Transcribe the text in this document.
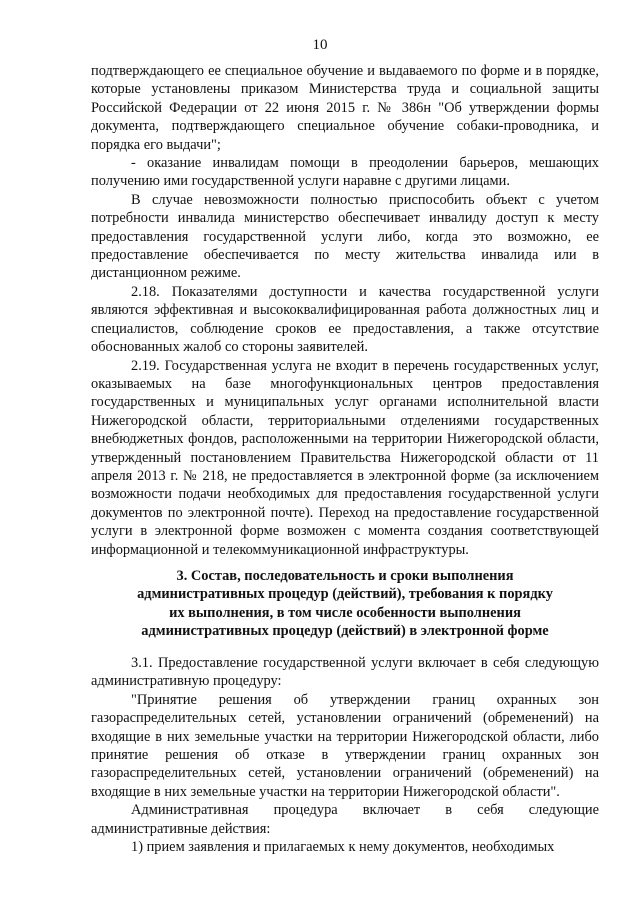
10

подтверждающего ее специальное обучение и выдаваемого по форме и в порядке, которые установлены приказом Министерства труда и социальной защиты Российской Федерации от 22 июня 2015 г. № 386н "Об утверждении формы документа, подтверждающего специальное обучение собаки-проводника, и порядка его выдачи";

- оказание инвалидам помощи в преодолении барьеров, мешающих получению ими государственной услуги наравне с другими лицами.

В случае невозможности полностью приспособить объект с учетом потребности инвалида министерство обеспечивает инвалиду доступ к месту предоставления государственной услуги либо, когда это возможно, ее предоставление обеспечивается по месту жительства инвалида или в дистанционном режиме.

2.18. Показателями доступности и качества государственной услуги являются эффективная и высококвалифицированная работа должностных лиц и специалистов, соблюдение сроков ее предоставления, а также отсутствие обоснованных жалоб со стороны заявителей.

2.19. Государственная услуга не входит в перечень государственных услуг, оказываемых на базе многофункциональных центров предоставления государственных и муниципальных услуг органами исполнительной власти Нижегородской области, территориальными отделениями государственных внебюджетных фондов, расположенными на территории Нижегородской области, утвержденный постановлением Правительства Нижегородской области от 11 апреля 2013 г. № 218, не предоставляется в электронной форме (за исключением возможности подачи необходимых для предоставления государственной услуги документов по электронной почте). Переход на предоставление государственной услуги в электронной форме возможен с момента создания соответствующей информационной и телекоммуникационной инфраструктуры.

3. Состав, последовательность и сроки выполнения
административных процедур (действий), требования к порядку
их выполнения, в том числе особенности выполнения
административных процедур (действий) в электронной форме

3.1. Предоставление государственной услуги включает в себя следующую административную процедуру:

"Принятие решения об утверждении границ охранных зон газораспределительных сетей, установлении ограничений (обременений) на входящие в них земельные участки на территории Нижегородской области, либо принятие решения об отказе в утверждении границ охранных зон газораспределительных сетей, установлении ограничений (обременений) на входящие в них земельные участки на территории Нижегородской области".

Административная процедура включает в себя следующие административные действия:

1) прием заявления и прилагаемых к нему документов, необходимых
